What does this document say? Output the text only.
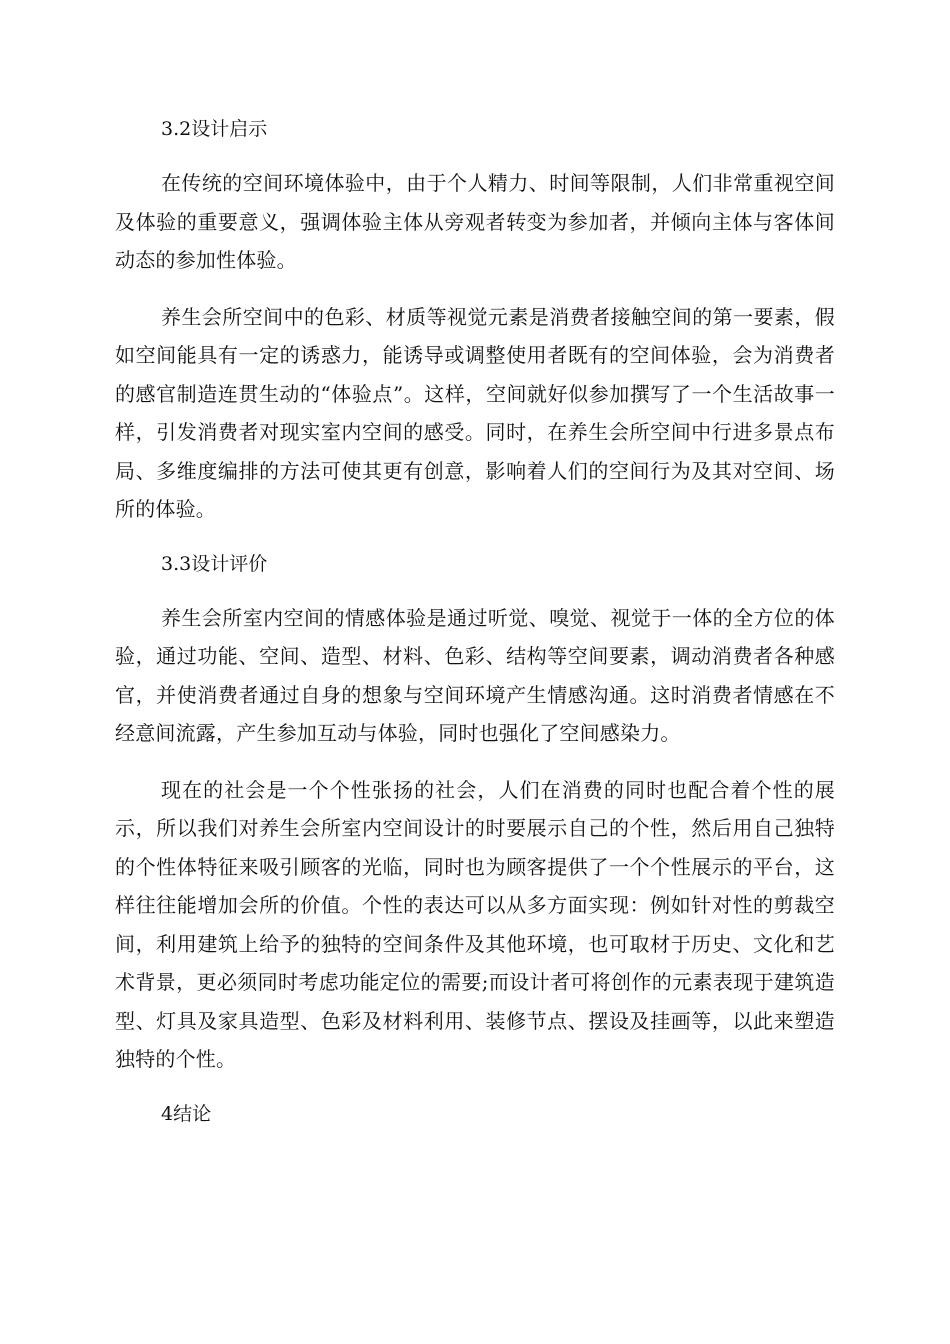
3.2设计启示

在传统的空间环境体验中，由于个人精力、时间等限制，人们非常重视空间及体验的重要意义，强调体验主体从旁观者转变为参加者，并倾向主体与客体间动态的参加性体验。

养生会所空间中的色彩、材质等视觉元素是消费者接触空间的第一要素，假如空间能具有一定的诱惑力，能诱导或调整使用者既有的空间体验，会为消费者的感官制造连贯生动的“体验点”。这样，空间就好似参加撰写了一个生活故事一样，引发消费者对现实室内空间的感受。同时，在养生会所空间中行进多景点布局、多维度编排的方法可使其更有创意，影响着人们的空间行为及其对空间、场所的体验。

3.3设计评价

养生会所室内空间的情感体验是通过听觉、嗅觉、视觉于一体的全方位的体验，通过功能、空间、造型、材料、色彩、结构等空间要素，调动消费者各种感官，并使消费者通过自身的想象与空间环境产生情感沟通。这时消费者情感在不经意间流露，产生参加互动与体验，同时也强化了空间感染力。

现在的社会是一个个性张扬的社会，人们在消费的同时也配合着个性的展示，所以我们对养生会所室内空间设计的时要展示自己的个性，然后用自己独特的个性体特征来吸引顾客的光临，同时也为顾客提供了一个个性展示的平台，这样往往能增加会所的价值。个性的表达可以从多方面实现：例如针对性的剪裁空间，利用建筑上给予的独特的空间条件及其他环境，也可取材于历史、文化和艺术背景，更必须同时考虑功能定位的需要;而设计者可将创作的元素表现于建筑造型、灯具及家具造型、色彩及材料利用、装修节点、摆设及挂画等，以此来塑造独特的个性。

4结论
